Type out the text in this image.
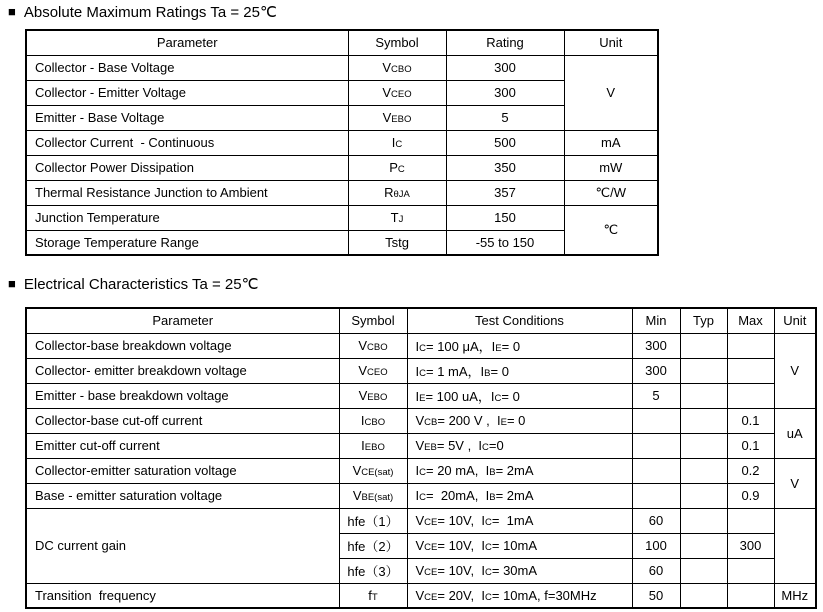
■ Absolute Maximum Ratings Ta = 25℃
Parameter	Symbol	Rating	Unit
Collector - Base Voltage	VCBO	300	V
Collector - Emitter Voltage	VCEO	300	
Emitter - Base Voltage	VEBO	5	
Collector Current  - Continuous	IC	500	mA
Collector Power Dissipation	PC	350	mW
Thermal Resistance Junction to Ambient	RθJA	357	℃/W
Junction Temperature	TJ	150	℃
Storage Temperature Range	Tstg	-55 to 150	
■ Electrical Characteristics Ta = 25℃
Parameter	Symbol	Test Conditions	Min	Typ	Max	Unit
Collector-base breakdown voltage	VCBO	IC= 100 μA，IE= 0	300			V
Collector- emitter breakdown voltage	VCEO	IC= 1 mA，IB= 0	300			
Emitter - base breakdown voltage	VEBO	IE= 100 uA，IC= 0	5			
Collector-base cut-off current	ICBO	VCB= 200 V ,  IE= 0			0.1	uA
Emitter cut-off current	IEBO	VEB= 5V ,  IC=0			0.1	
Collector-emitter saturation voltage	VCE(sat)	IC= 20 mA,  IB= 2mA			0.2	V
Base - emitter saturation voltage	VBE(sat)	IC=  20mA,  IB= 2mA			0.9	
DC current gain	hfe（1）	VCE= 10V,  IC=  1mA	60			
	hfe（2）	VCE= 10V,  IC= 10mA	100		300	
	hfe（3）	VCE= 10V,  IC= 30mA	60			
Transition  frequency	fT	VCE= 20V,  IC= 10mA, f=30MHz	50			MHz
